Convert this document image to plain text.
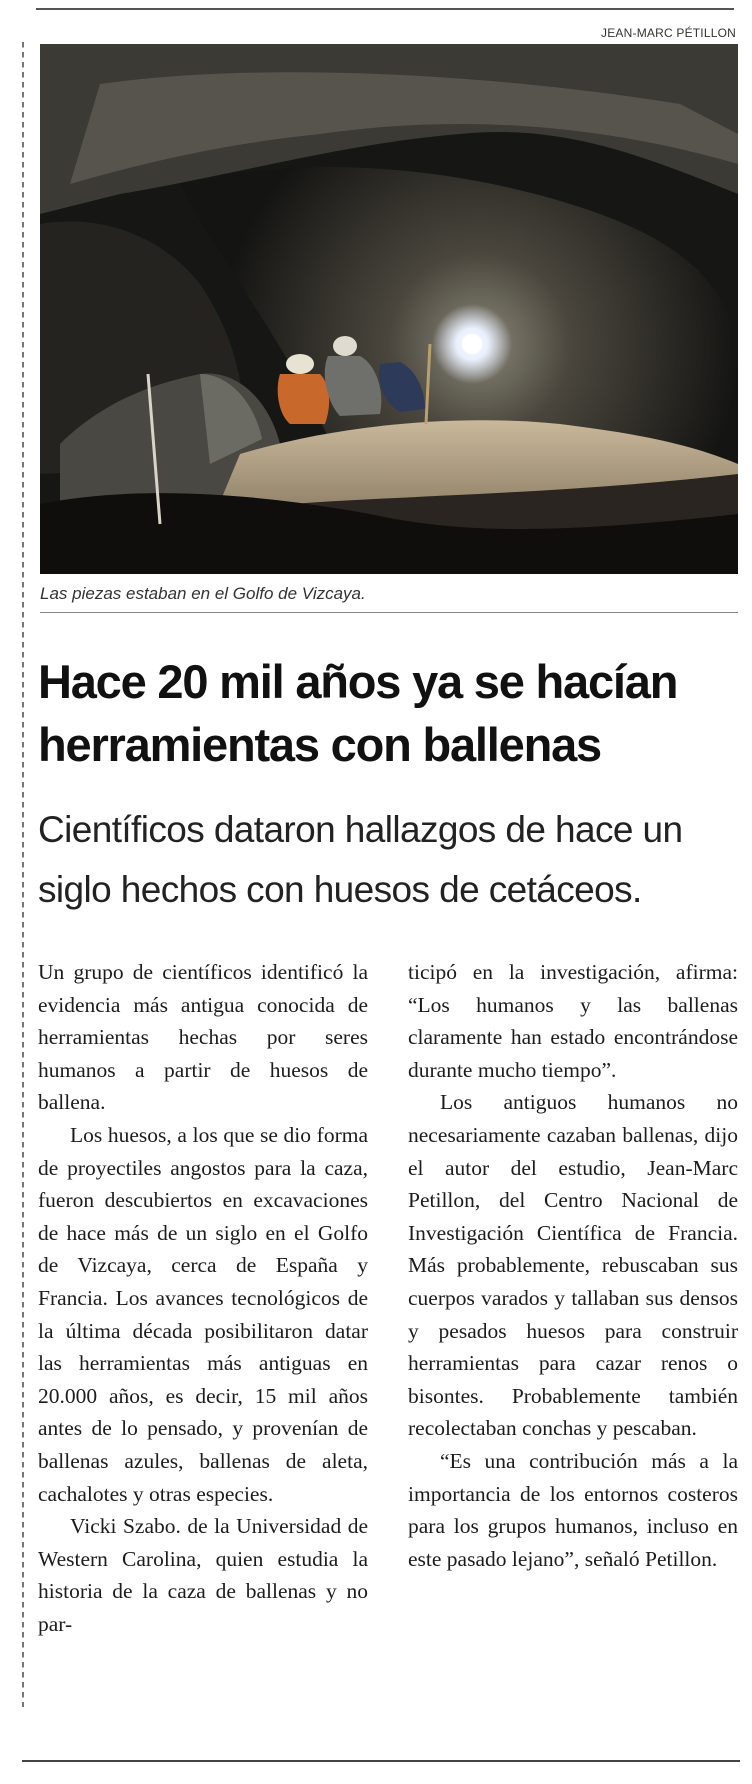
JEAN-MARC PÉTILLON
Las piezas estaban en el Golfo de Vizcaya.
Hace 20 mil años ya se hacían herramientas con ballenas
Científicos dataron hallazgos de hace un siglo hechos con huesos de cetáceos.

Un grupo de científicos identificó la evidencia más antigua conocida de herramientas hechas por seres humanos a partir de huesos de ballena.

Los huesos, a los que se dio forma de proyectiles angostos para la caza, fueron descubiertos en excavaciones de hace más de un siglo en el Golfo de Vizcaya, cerca de España y Francia. Los avances tecnológicos de la última década posibilitaron datar las herramientas más antiguas en 20.000 años, es decir, 15 mil años antes de lo pensado, y provenían de ballenas azules, ballenas de aleta, cachalotes y otras especies.

Vicki Szabo. de la Universidad de Western Carolina, quien estudia la historia de la caza de ballenas y no par-

ticipó en la investigación, afirma: “Los humanos y las ballenas claramente han estado encontrándose durante mucho tiempo”.

Los antiguos humanos no necesariamente cazaban ballenas, dijo el autor del estudio, Jean-Marc Petillon, del Centro Nacional de Investigación Científica de Francia. Más probablemente, rebuscaban sus cuerpos varados y tallaban sus densos y pesados huesos para construir herramientas para cazar renos o bisontes. Probablemente también recolectaban conchas y pescaban.

“Es una contribución más a la importancia de los entornos costeros para los grupos humanos, incluso en este pasado lejano”, señaló Petillon.
